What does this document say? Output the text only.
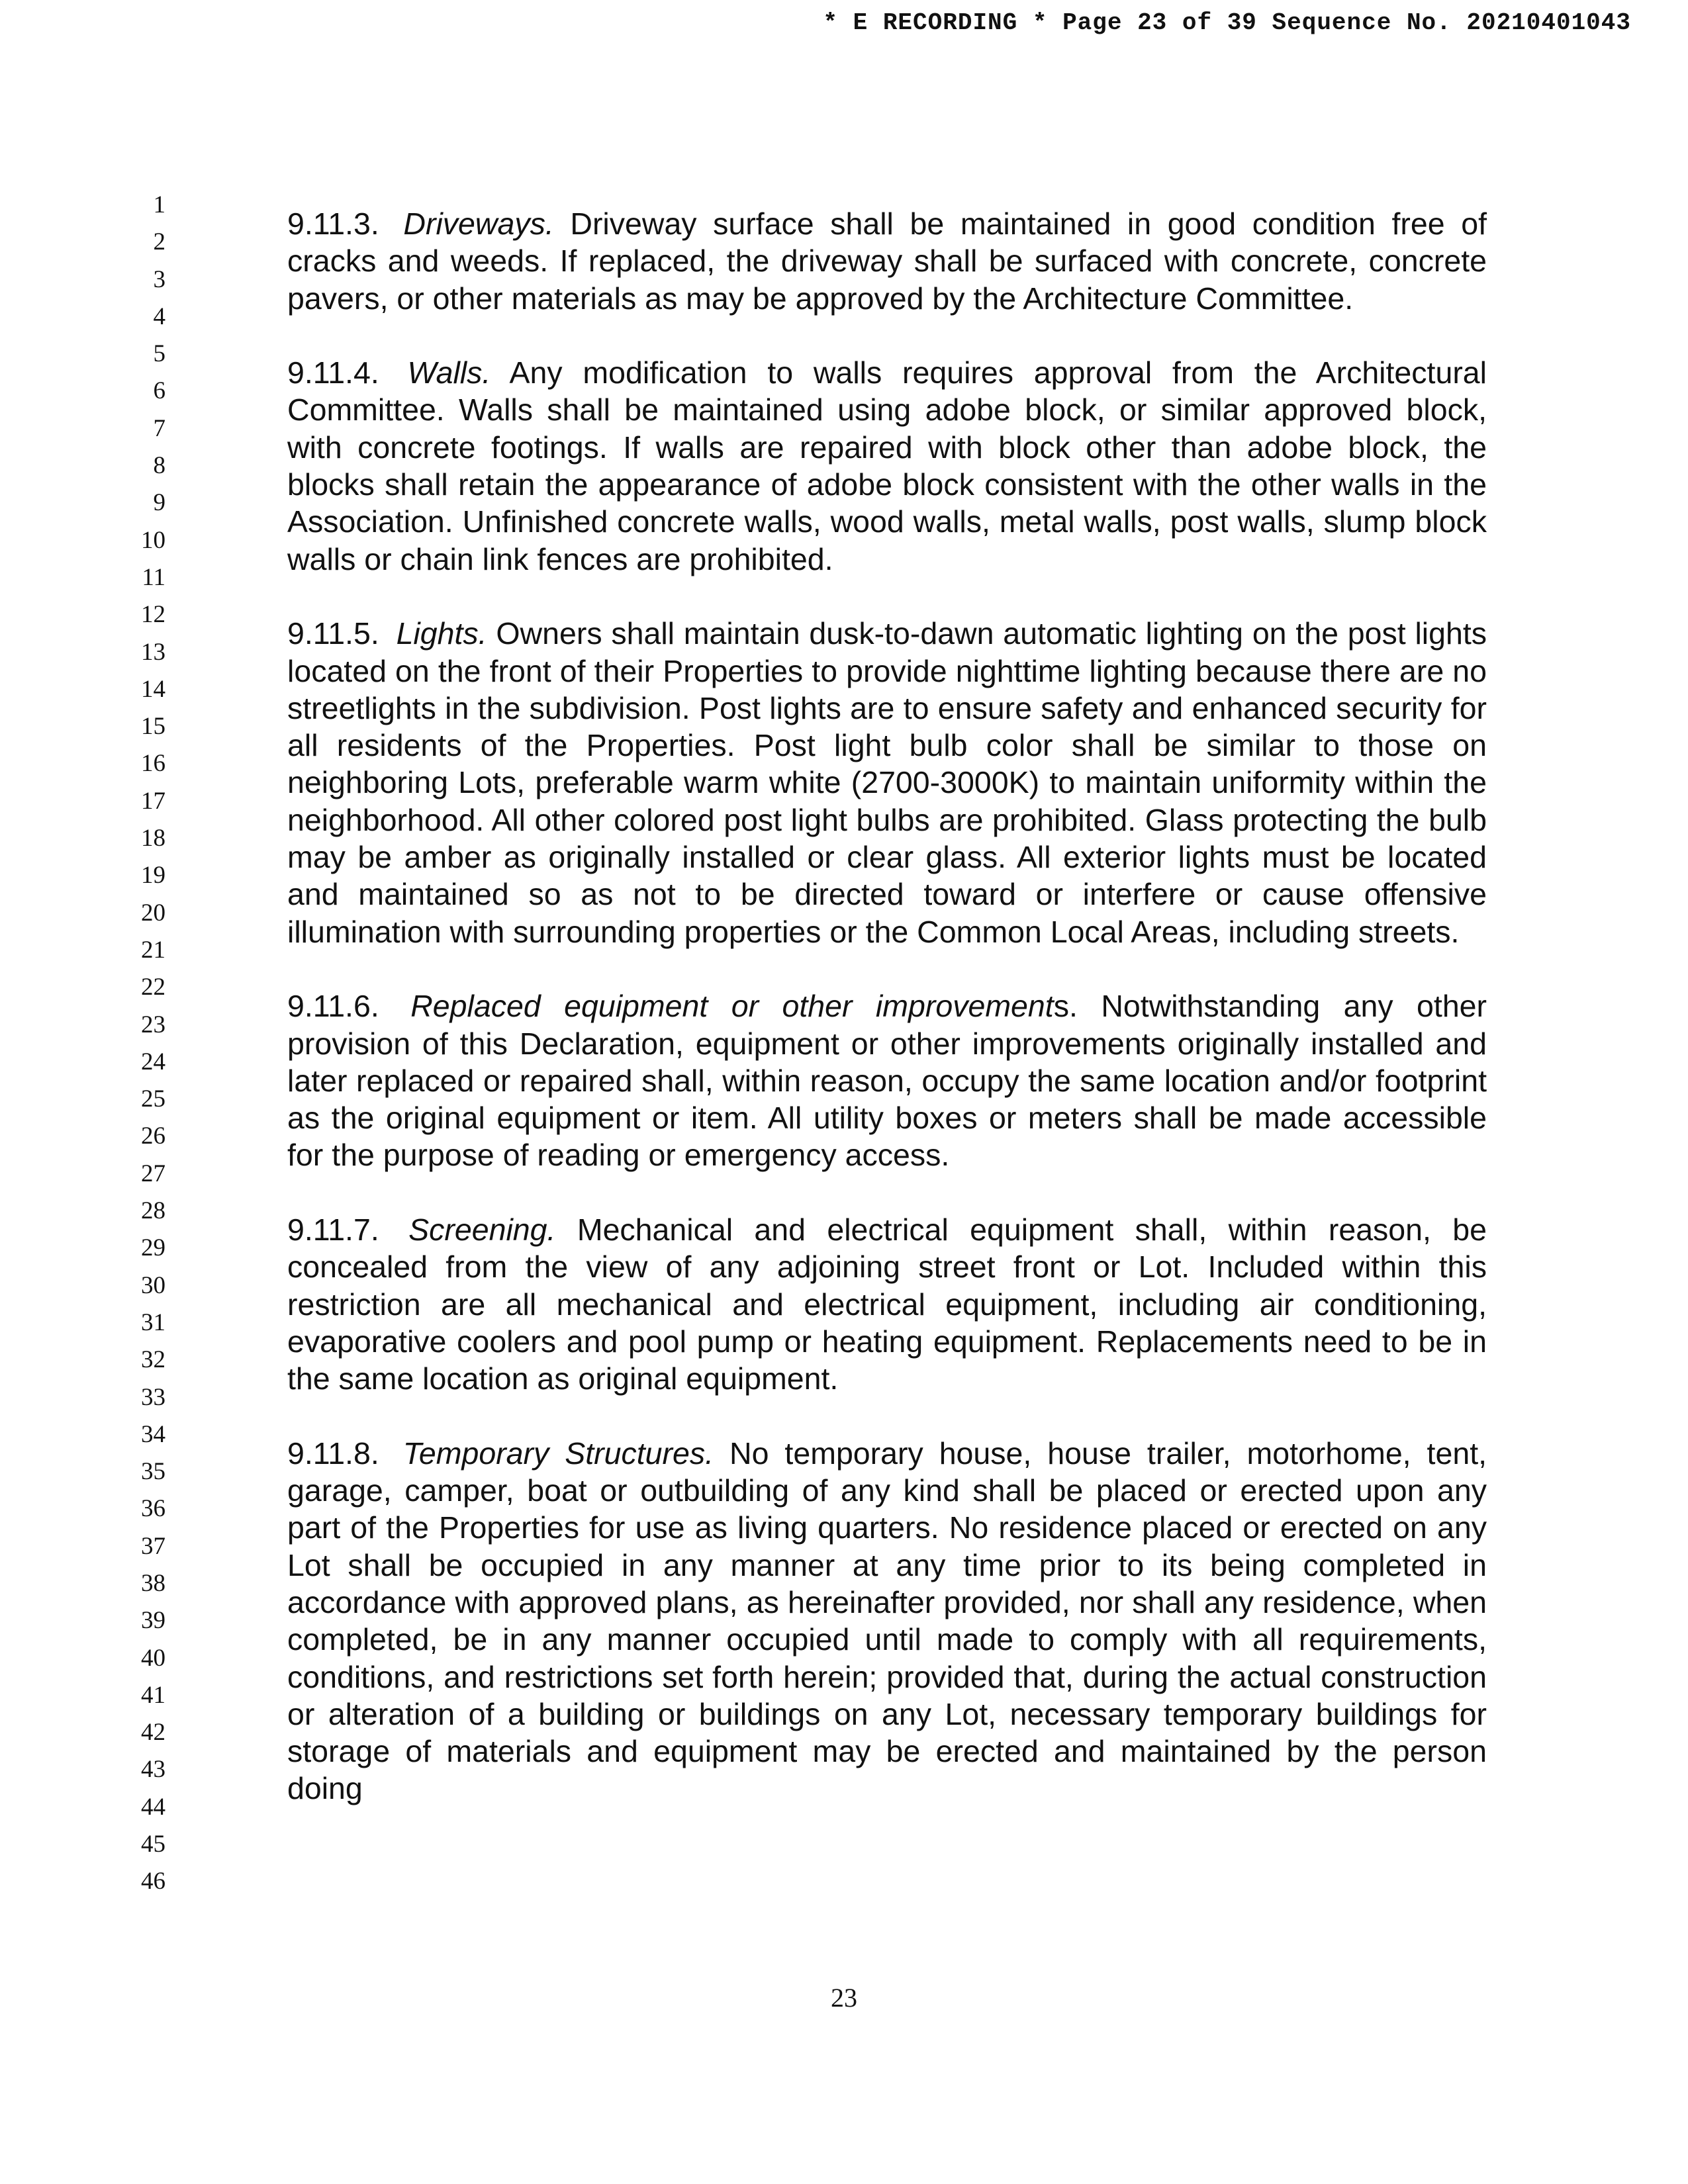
* E RECORDING * Page 23 of 39 Sequence No. 20210401043
1
2
3
4
5
6
7
8
9
10
11
12
13
14
15
16
17
18
19
20
21
22
23
24
25
26
27
28
29
30
31
32
33
34
35
36
37
38
39
40
41
42
43
44
45
46

9.11.3. Driveways. Driveway surface shall be maintained in good condition free of cracks and weeds. If replaced, the driveway shall be surfaced with concrete, concrete pavers, or other materials as may be approved by the Architecture Committee.

9.11.4. Walls. Any modification to walls requires approval from the Architectural Committee. Walls shall be maintained using adobe block, or similar approved block, with concrete footings. If walls are repaired with block other than adobe block, the blocks shall retain the appearance of adobe block consistent with the other walls in the Association. Unfinished concrete walls, wood walls, metal walls, post walls, slump block walls or chain link fences are prohibited.

9.11.5. Lights. Owners shall maintain dusk-to-dawn automatic lighting on the post lights located on the front of their Properties to provide nighttime lighting because there are no streetlights in the subdivision. Post lights are to ensure safety and enhanced security for all residents of the Properties. Post light bulb color shall be similar to those on neighboring Lots, preferable warm white (2700-3000K) to maintain uniformity within the neighborhood. All other colored post light bulbs are prohibited. Glass protecting the bulb may be amber as originally installed or clear glass. All exterior lights must be located and maintained so as not to be directed toward or interfere or cause offensive illumination with surrounding properties or the Common Local Areas, including streets.

9.11.6. Replaced equipment or other improvements. Notwithstanding any other provision of this Declaration, equipment or other improvements originally installed and later replaced or repaired shall, within reason, occupy the same location and/or footprint as the original equipment or item. All utility boxes or meters shall be made accessible for the purpose of reading or emergency access.

9.11.7. Screening. Mechanical and electrical equipment shall, within reason, be concealed from the view of any adjoining street front or Lot. Included within this restriction are all mechanical and electrical equipment, including air conditioning, evaporative coolers and pool pump or heating equipment. Replacements need to be in the same location as original equipment.

9.11.8. Temporary Structures. No temporary house, house trailer, motorhome, tent, garage, camper, boat or outbuilding of any kind shall be placed or erected upon any part of the Properties for use as living quarters. No residence placed or erected on any Lot shall be occupied in any manner at any time prior to its being completed in accordance with approved plans, as hereinafter provided, nor shall any residence, when completed, be in any manner occupied until made to comply with all requirements, conditions, and restrictions set forth herein; provided that, during the actual construction or alteration of a building or buildings on any Lot, necessary temporary buildings for storage of materials and equipment may be erected and maintained by the person doing

23
